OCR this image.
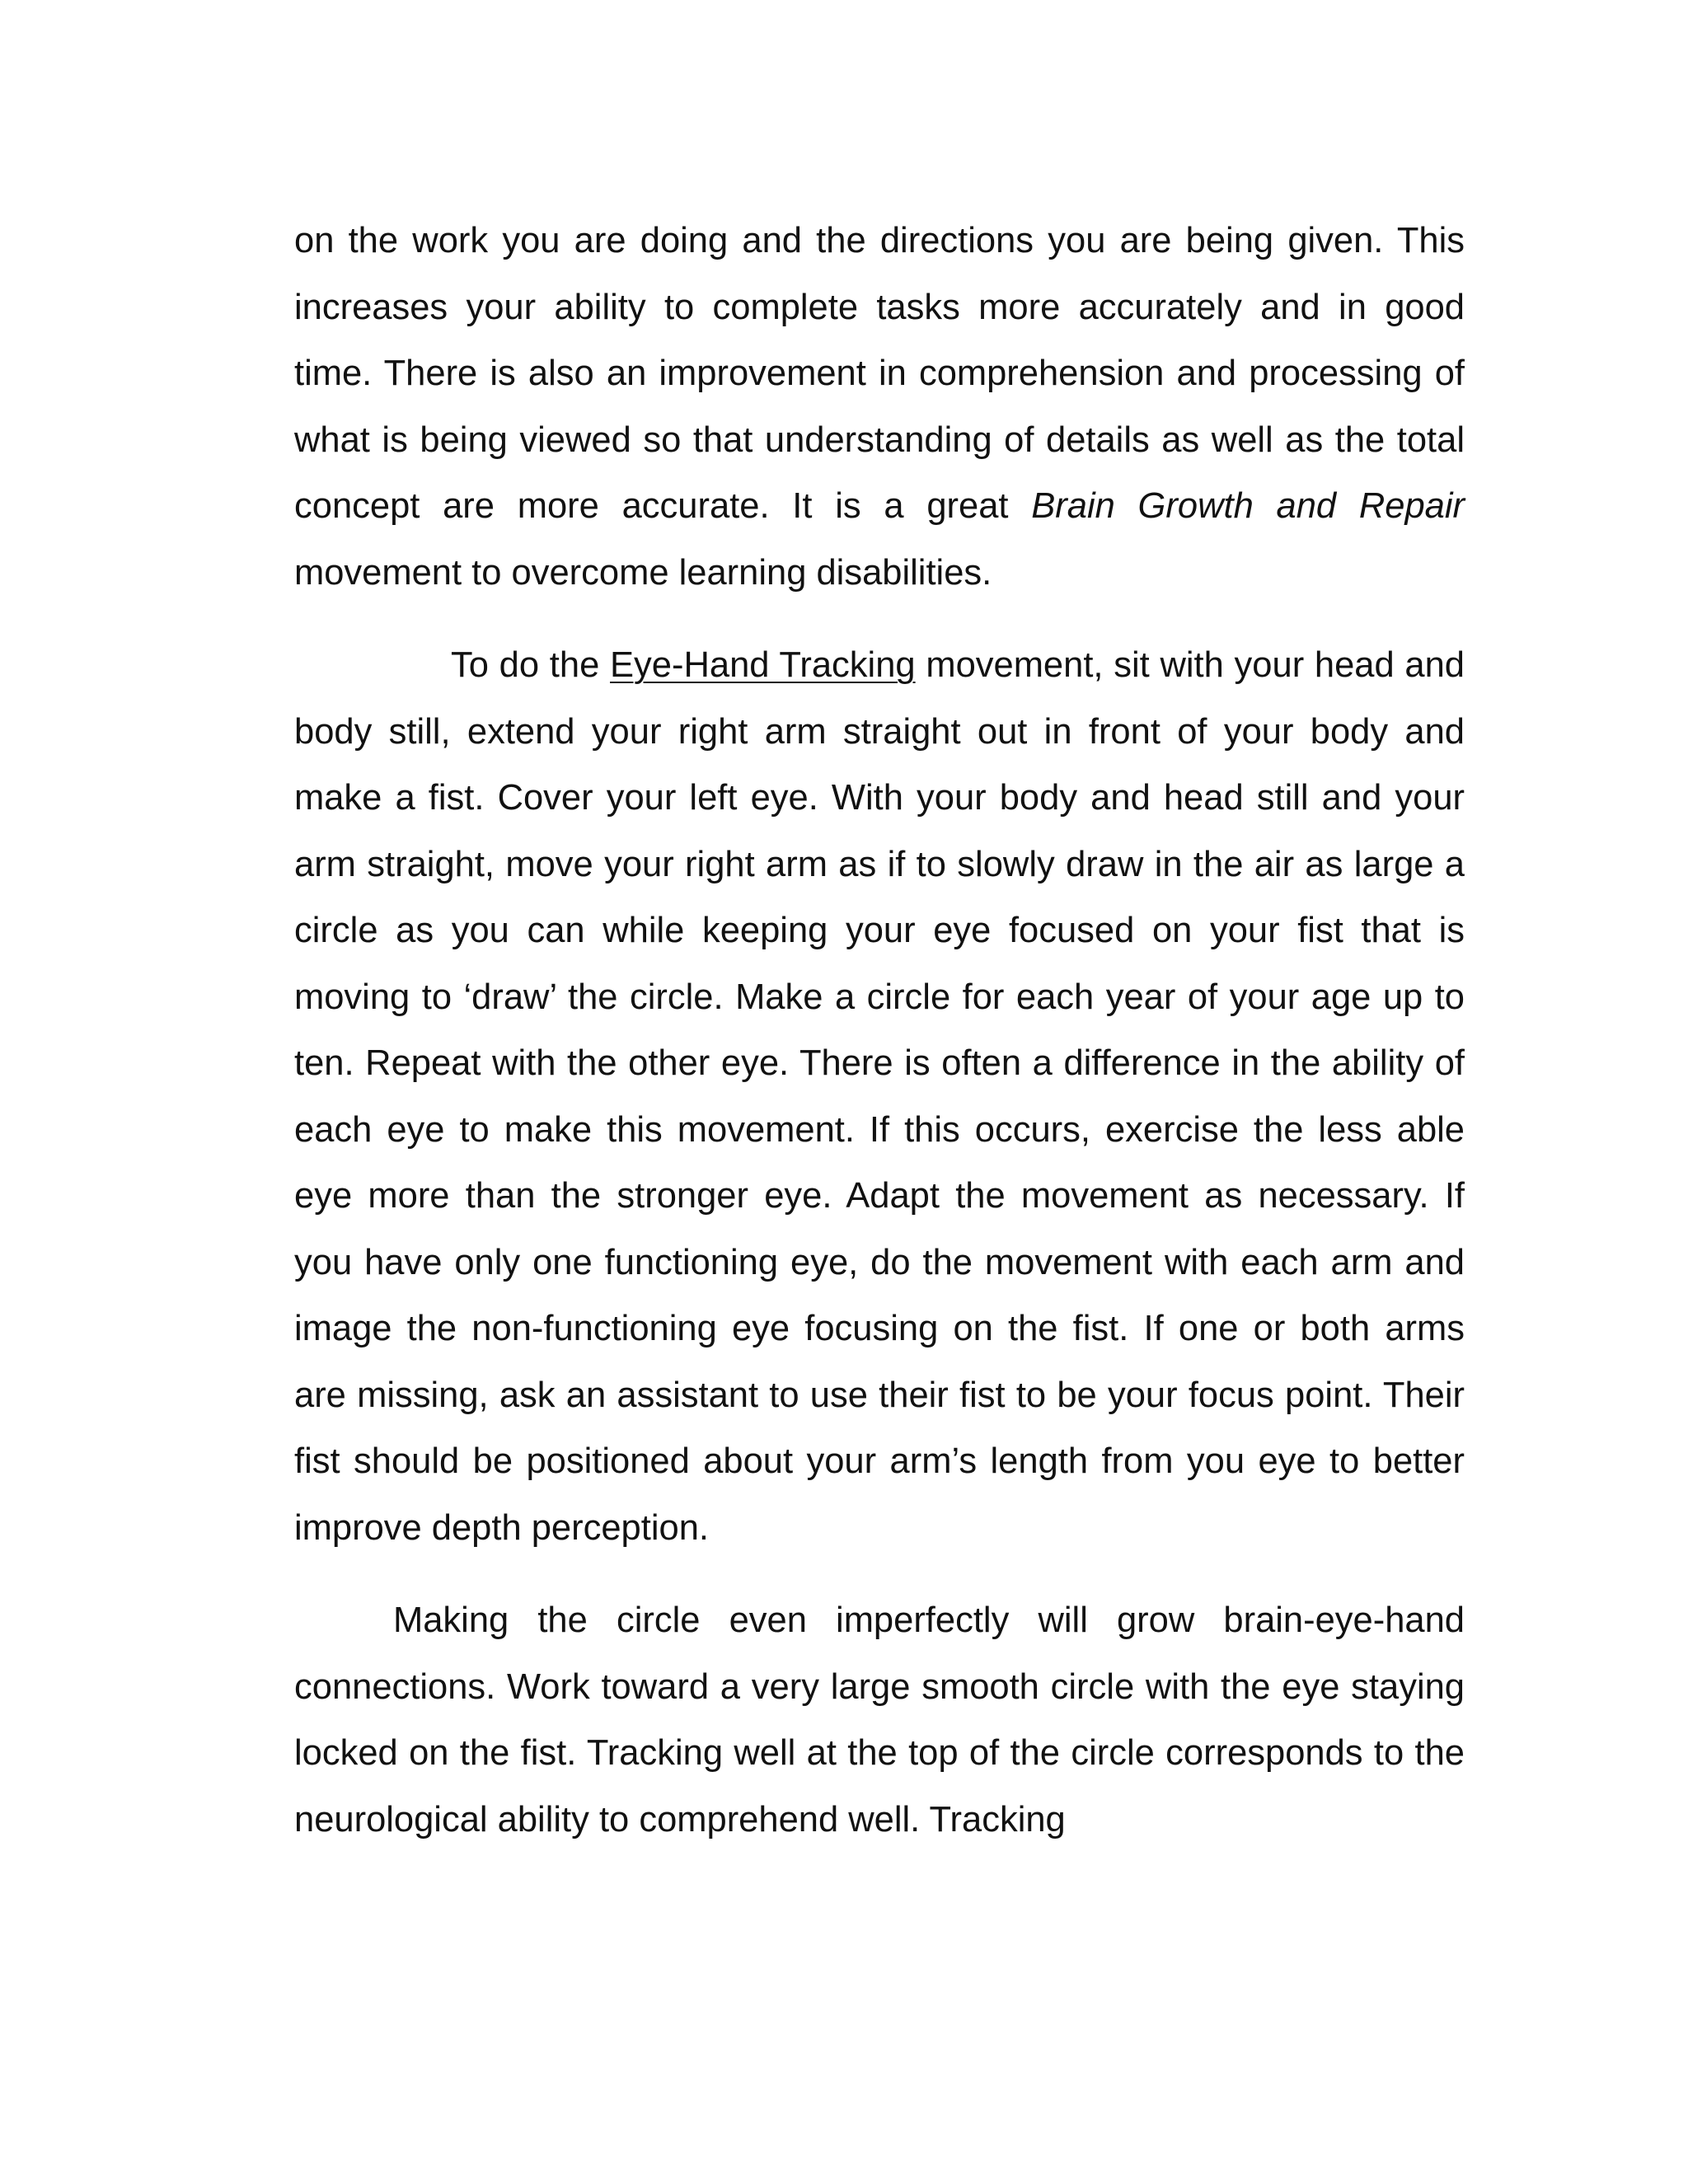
on the work you are doing and the directions you are being given. This increases your ability to complete tasks more accurately and in good time. There is also an improvement in comprehension and processing of what is being viewed so that understanding of details as well as the total concept are more accurate. It is a great Brain Growth and Repair movement to overcome learning disabilities.

To do the Eye-Hand Tracking movement, sit with your head and body still, extend your right arm straight out in front of your body and make a fist. Cover your left eye. With your body and head still and your arm straight, move your right arm as if to slowly draw in the air as large a circle as you can while keeping your eye focused on your fist that is moving to ‘draw’ the circle. Make a circle for each year of your age up to ten. Repeat with the other eye. There is often a difference in the ability of each eye to make this movement. If this occurs, exercise the less able eye more than the stronger eye. Adapt the movement as necessary. If you have only one functioning eye, do the movement with each arm and image the non-functioning eye focusing on the fist. If one or both arms are missing, ask an assistant to use their fist to be your focus point. Their fist should be positioned about your arm’s length from you eye to better improve depth perception.

Making the circle even imperfectly will grow brain-eye-hand connections. Work toward a very large smooth circle with the eye staying locked on the fist. Tracking well at the top of the circle corresponds to the neurological ability to comprehend well. Tracking
